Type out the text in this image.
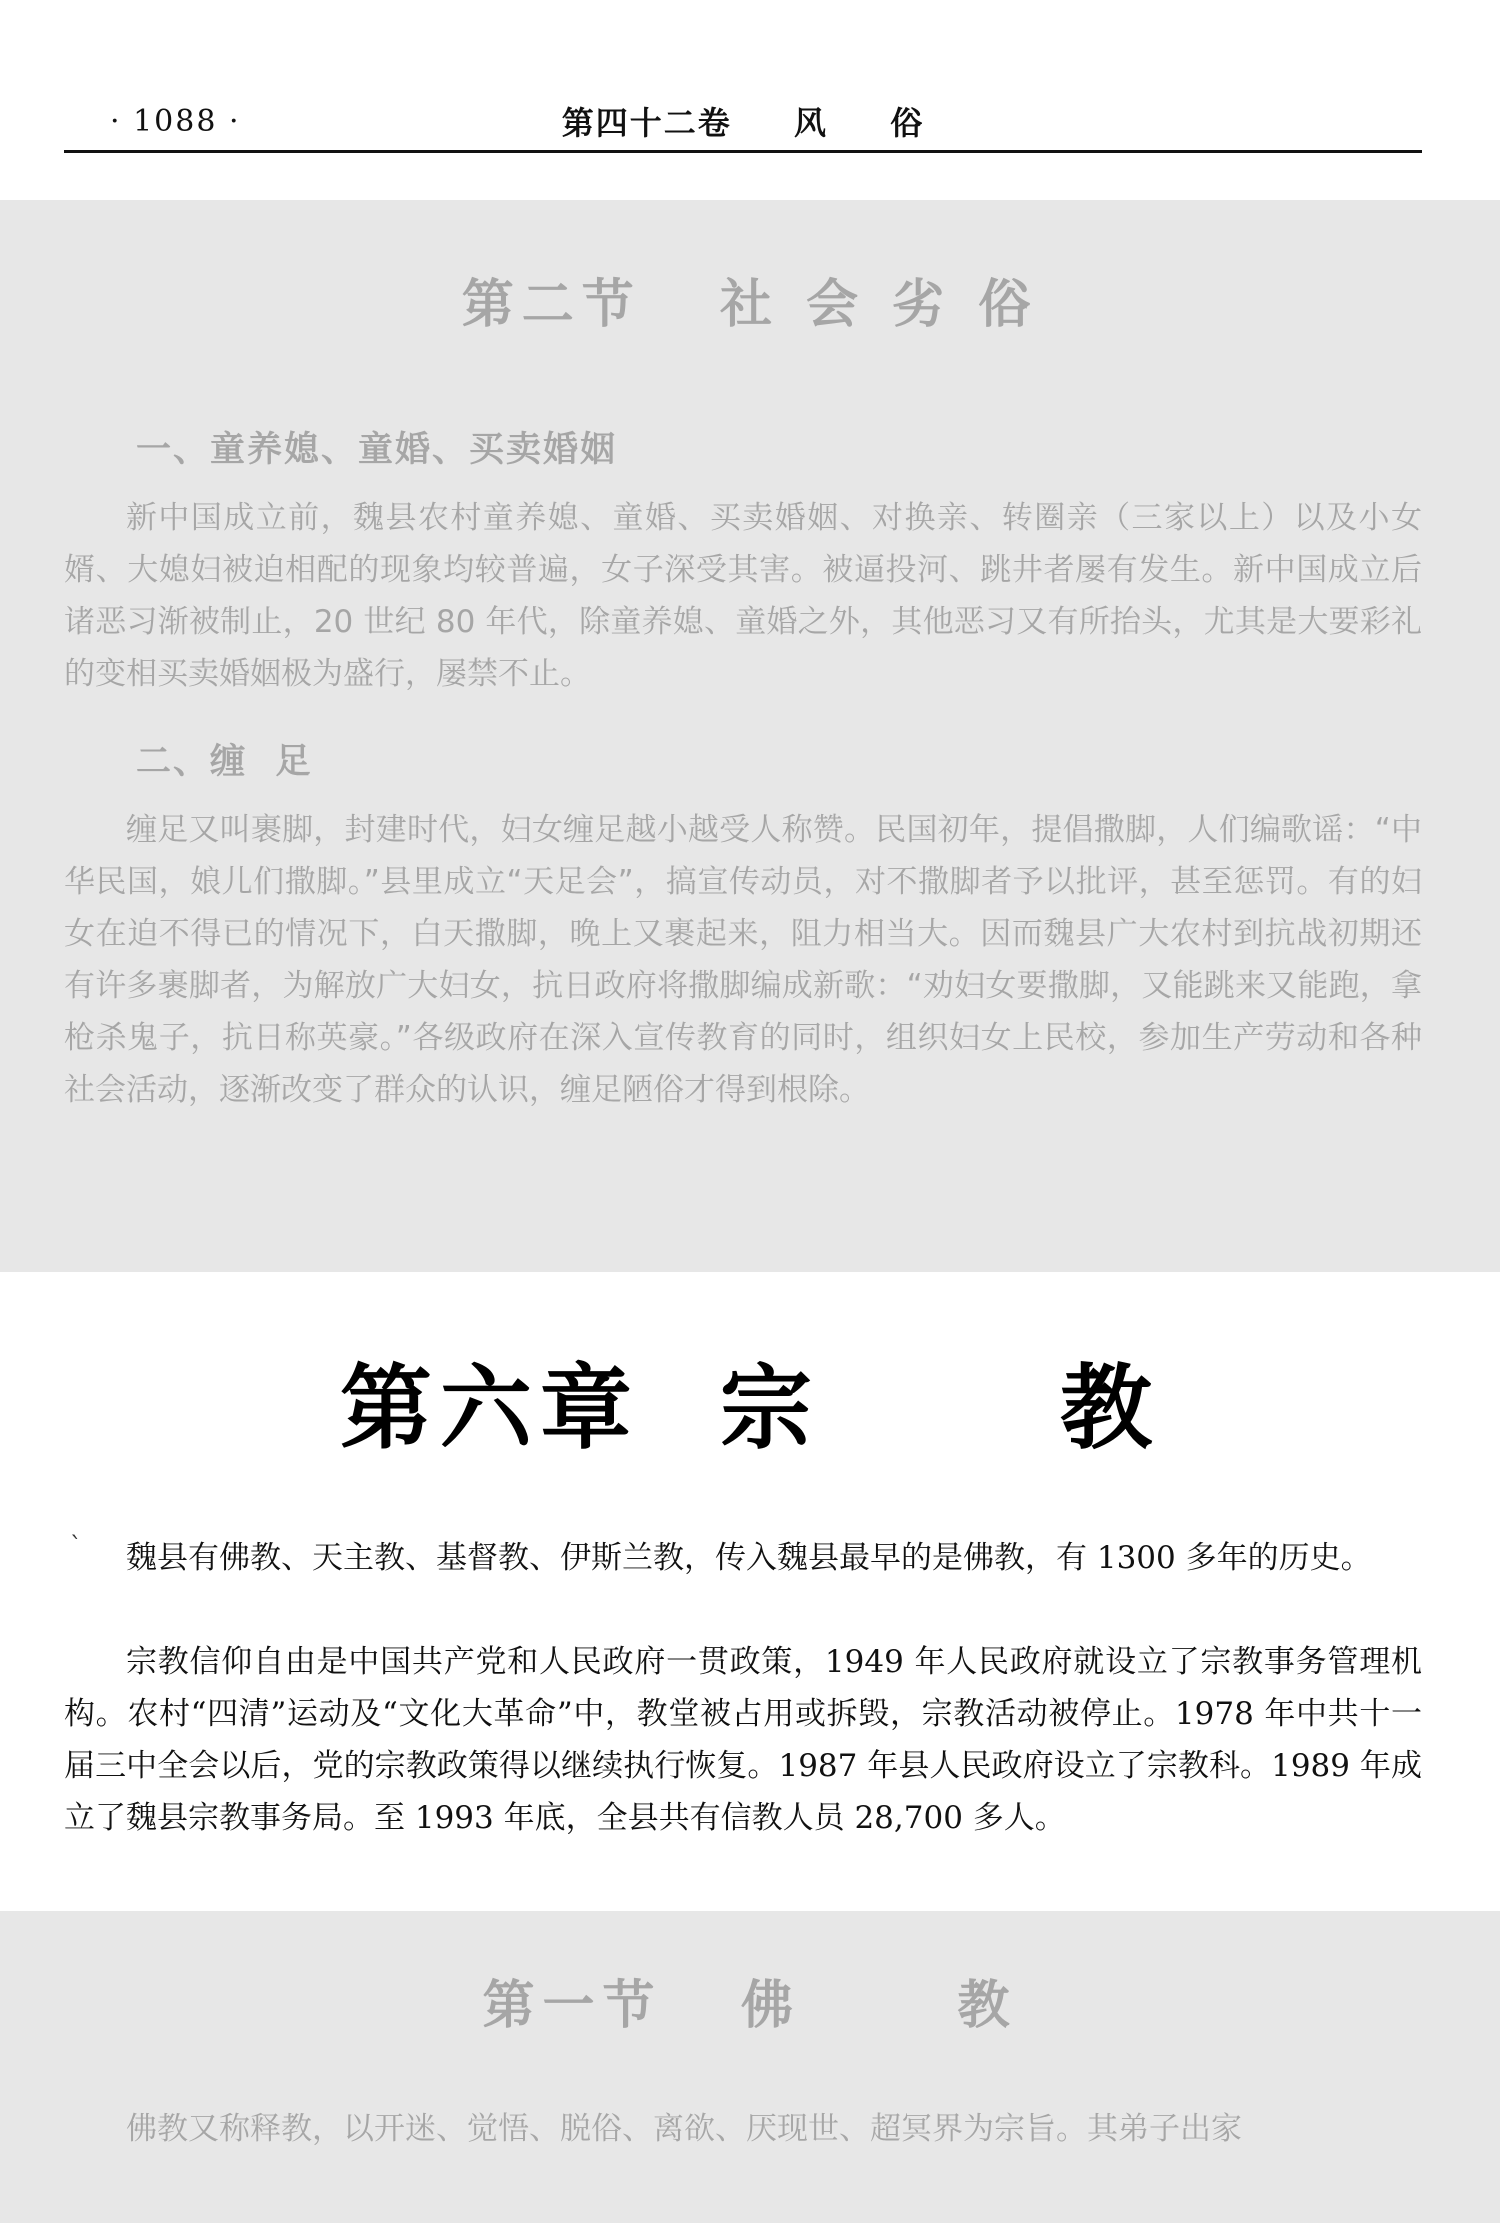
· 1088 ·	第四十二卷  风  俗
第二节   社 会 劣 俗
一、童养媳、童婚、买卖婚姻

新中国成立前，魏县农村童养媳、童婚、买卖婚姻、对换亲、转圈亲（三家以上）以及小女婿、大媳妇被迫相配的现象均较普遍，女子深受其害。被逼投河、跳井者屡有发生。新中国成立后诸恶习渐被制止，20 世纪 80 年代，除童养媳、童婚之外，其他恶习又有所抬头，尤其是大要彩礼的变相买卖婚姻极为盛行，屡禁不止。

二、缠  足

缠足又叫裹脚，封建时代，妇女缠足越小越受人称赞。民国初年，提倡撒脚，人们编歌谣：“中华民国，娘儿们撒脚。”县里成立“天足会”，搞宣传动员，对不撒脚者予以批评，甚至惩罚。有的妇女在迫不得已的情况下，白天撒脚，晚上又裹起来，阻力相当大。因而魏县广大农村到抗战初期还有许多裹脚者，为解放广大妇女，抗日政府将撒脚编成新歌：“劝妇女要撒脚，又能跳来又能跑，拿枪杀鬼子，抗日称英豪。”各级政府在深入宣传教育的同时，组织妇女上民校，参加生产劳动和各种社会活动，逐渐改变了群众的认识，缠足陋俗才得到根除。

第六章  宗      教
`	魏县有佛教、天主教、基督教、伊斯兰教，传入魏县最早的是佛教，有 1300 多年的历史。

宗教信仰自由是中国共产党和人民政府一贯政策，1949 年人民政府就设立了宗教事务管理机构。农村“四清”运动及“文化大革命”中，教堂被占用或拆毁，宗教活动被停止。1978 年中共十一届三中全会以后，党的宗教政策得以继续执行恢复。1987 年县人民政府设立了宗教科。1989 年成立了魏县宗教事务局。至 1993 年底，全县共有信教人员 28,700 多人。

第一节   佛      教

佛教又称释教，以开迷、觉悟、脱俗、离欲、厌现世、超冥界为宗旨。其弟子出家
